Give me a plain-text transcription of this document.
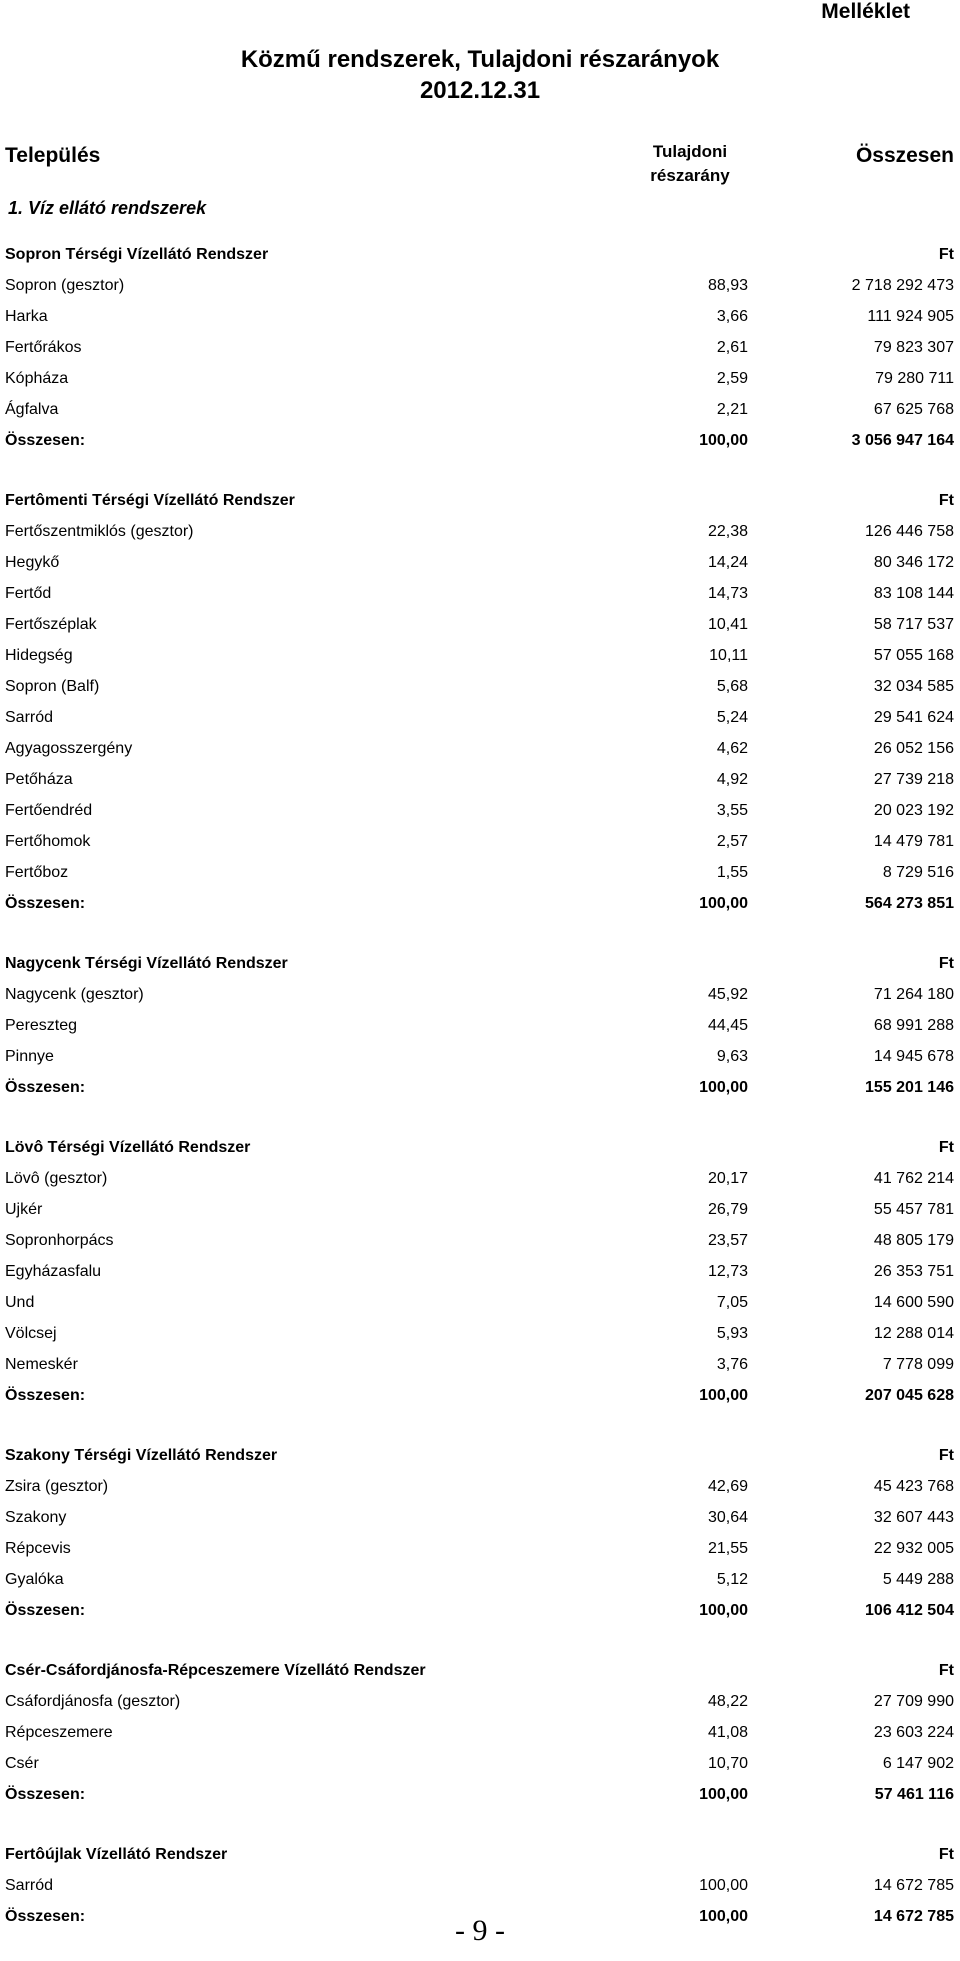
Melléklet
Közmű rendszerek, Tulajdoni részarányok
2012.12.31
Település	Tulajdoni
részarány
Összesen
1. Víz ellátó rendszerek
Sopron Térségi Vízellátó Rendszer	Ft
Sopron (gesztor)	88,93	2 718 292 473
Harka	3,66	111 924 905
Fertőrákos	2,61	79 823 307
Kópháza	2,59	79 280 711
Ágfalva	2,21	67 625 768
Összesen:	100,00	3 056 947 164
Fertômenti Térségi Vízellátó Rendszer	Ft
Fertőszentmiklós (gesztor)	22,38	126 446 758
Hegykő	14,24	80 346 172
Fertőd	14,73	83 108 144
Fertőszéplak	10,41	58 717 537
Hidegség	10,11	57 055 168
Sopron (Balf)	5,68	32 034 585
Sarród	5,24	29 541 624
Agyagosszergény	4,62	26 052 156
Petőháza	4,92	27 739 218
Fertőendréd	3,55	20 023 192
Fertőhomok	2,57	14 479 781
Fertőboz	1,55	8 729 516
Összesen:	100,00	564 273 851
Nagycenk Térségi Vízellátó Rendszer	Ft
Nagycenk (gesztor)	45,92	71 264 180
Pereszteg	44,45	68 991 288
Pinnye	9,63	14 945 678
Összesen:	100,00	155 201 146
Lövô Térségi Vízellátó Rendszer	Ft
Lövô (gesztor)	20,17	41 762 214
Ujkér	26,79	55 457 781
Sopronhorpács	23,57	48 805 179
Egyházasfalu	12,73	26 353 751
Und	7,05	14 600 590
Völcsej	5,93	12 288 014
Nemeskér	3,76	7 778 099
Összesen:	100,00	207 045 628
Szakony Térségi Vízellátó Rendszer	Ft
Zsira (gesztor)	42,69	45 423 768
Szakony	30,64	32 607 443
Répcevis	21,55	22 932 005
Gyalóka	5,12	5 449 288
Összesen:	100,00	106 412 504
Csér-Csáfordjánosfa-Répceszemere Vízellátó Rendszer	Ft
Csáfordjánosfa (gesztor)	48,22	27 709 990
Répceszemere	41,08	23 603 224
Csér	10,70	6 147 902
Összesen:	100,00	57 461 116
Fertôújlak Vízellátó Rendszer	Ft
Sarród	100,00	14 672 785
Összesen:	100,00	14 672 785
- 9 -
